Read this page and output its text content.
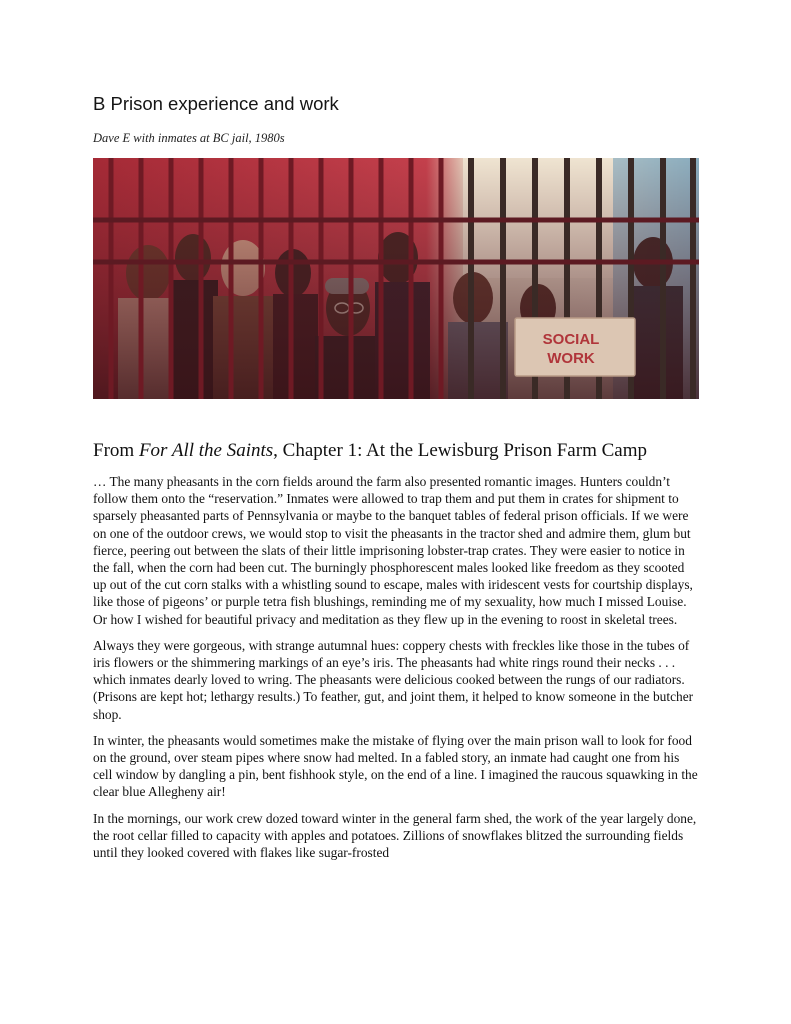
B Prison experience and work

Dave E with inmates at BC jail, 1980s

SOCIAL
WORK
From For All the Saints, Chapter 1: At the Lewisburg Prison Farm Camp

… The many pheasants in the corn fields around the farm also presented romantic images. Hunters couldn’t follow them onto the “reservation.” Inmates were allowed to trap them and put them in crates for shipment to sparsely pheasanted parts of Pennsylvania or maybe to the banquet tables of federal prison officials. If we were on one of the outdoor crews, we would stop to visit the pheasants in the tractor shed and admire them, glum but fierce, peering out between the slats of their little imprisoning lobster-trap crates. They were easier to notice in the fall, when the corn had been cut. The burningly phosphorescent males looked like freedom as they scooted up out of the cut corn stalks with a whistling sound to escape, males with iridescent vests for courtship displays, like those of pigeons’ or purple tetra fish blushings, reminding me of my sexuality, how much I missed Louise. Or how I wished for beautiful privacy and meditation as they flew up in the evening to roost in skeletal trees.

Always they were gorgeous, with strange autumnal hues: coppery chests with freckles like those in the tubes of iris flowers or the shimmering markings of an eye’s iris. The pheasants had white rings round their necks . . . which inmates dearly loved to wring. The pheasants were delicious cooked between the rungs of our radiators. (Prisons are kept hot; lethargy results.) To feather, gut, and joint them, it helped to know someone in the butcher shop.

In winter, the pheasants would sometimes make the mistake of flying over the main prison wall to look for food on the ground, over steam pipes where snow had melted. In a fabled story, an inmate had caught one from his cell window by dangling a pin, bent fishhook style, on the end of a line. I imagined the raucous squawking in the clear blue Allegheny air!

In the mornings, our work crew dozed toward winter in the general farm shed, the work of the year largely done, the root cellar filled to capacity with apples and potatoes. Zillions of snowflakes blitzed the surrounding fields until they looked covered with flakes like sugar-frosted
